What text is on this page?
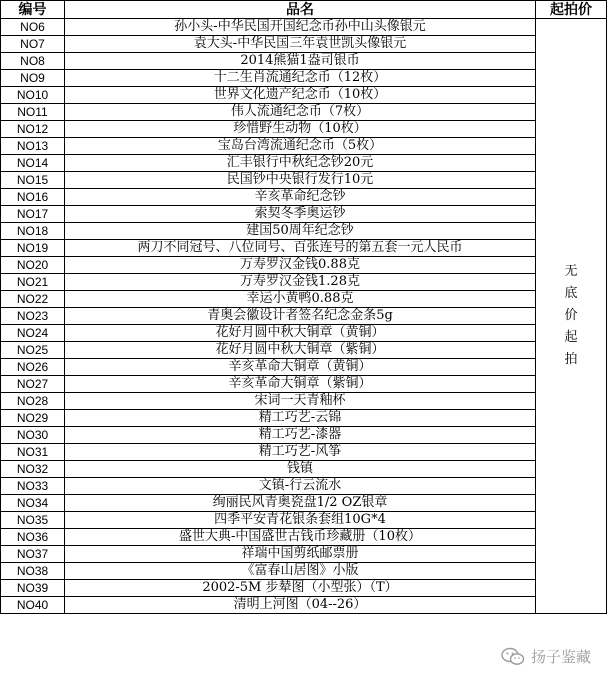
编号	品名	起拍价
NO6	孙小头-中华民国开国纪念币孙中山头像银元	无底价起拍
NO7	袁大头-中华民国三年袁世凯头像银元	
NO8	2014熊猫1盎司银币	
NO9	十二生肖流通纪念币（12枚）	
NO10	世界文化遗产纪念币（10枚）	
NO11	伟人流通纪念币（7枚）	
NO12	珍惜野生动物（10枚）	
NO13	宝岛台湾流通纪念币（5枚）	
NO14	汇丰银行中秋纪念钞20元	
NO15	民国钞中央银行发行10元	
NO16	辛亥革命纪念钞	
NO17	索契冬季奥运钞	
NO18	建国50周年纪念钞	
NO19	两刀不同冠号、八位同号、百张连号的第五套一元人民币	
NO20	万寿罗汉金钱0.88克	
NO21	万寿罗汉金钱1.28克	
NO22	幸运小黄鸭0.88克	
NO23	青奥会徽设计者签名纪念金条5g	
NO24	花好月圆中秋大铜章（黄铜）	
NO25	花好月圆中秋大铜章（紫铜）	
NO26	辛亥革命大铜章（黄铜）	
NO27	辛亥革命大铜章（紫铜）	
NO28	宋词一天青釉杯	
NO29	精工巧艺-云锦	
NO30	精工巧艺-漆器	
NO31	精工巧艺-风筝	
NO32	钱镇	
NO33	文镇-行云流水	
NO34	绚丽民风青奥瓷盘1/2 OZ银章	
NO35	四季平安青花银条套组10G*4	
NO36	盛世大典-中国盛世古钱币珍藏册（10枚）	
NO37	祥瑞中国剪纸邮票册	
NO38	《富春山居图》小版	
NO39	2002-5M 步辇图（小型张）（T）	
NO40	清明上河图（04--26）	
扬子鉴藏
